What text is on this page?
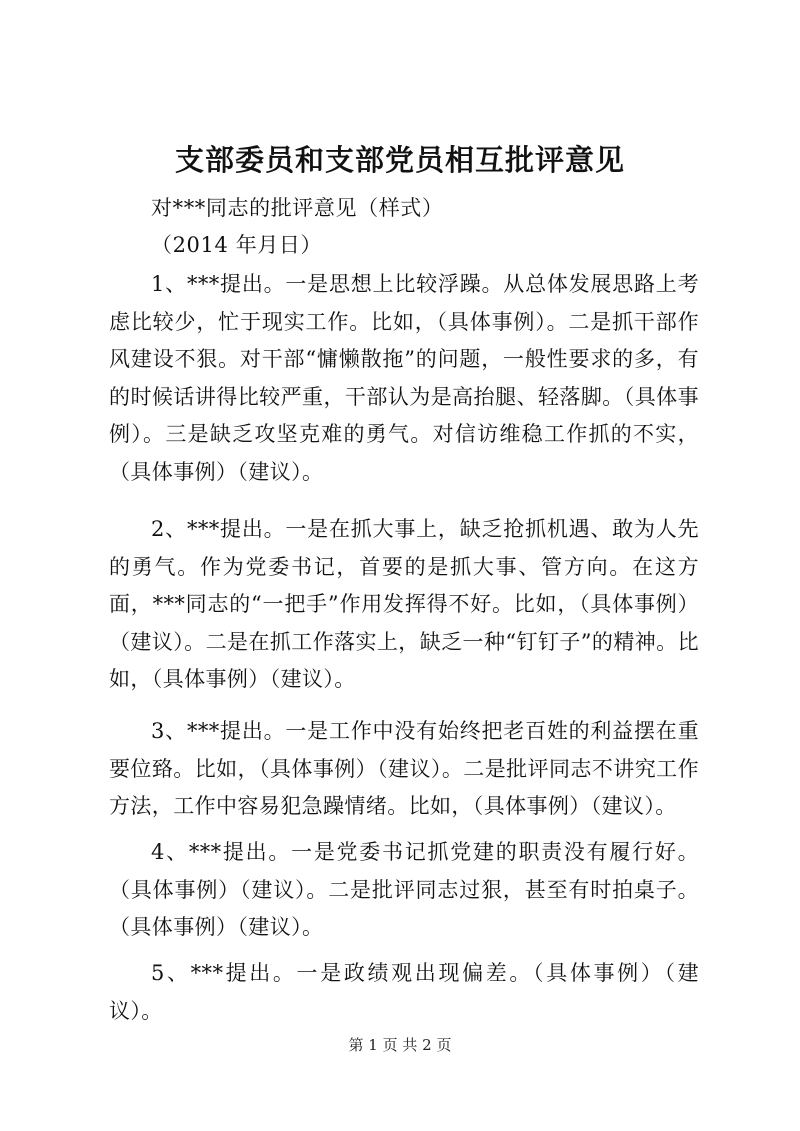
支部委员和支部党员相互批评意见
对***同志的批评意见（样式）
（2014 年月日）

1、***提出。一是思想上比较浮躁。从总体发展思路上考虑比较少，忙于现实工作。比如，（具体事例）。二是抓干部作风建设不狠。对干部“慵懒散拖”的问题，一般性要求的多，有的时候话讲得比较严重，干部认为是高抬腿、轻落脚。（具体事例）。三是缺乏攻坚克难的勇气。对信访维稳工作抓的不实，（具体事例）（建议）。

2、***提出。一是在抓大事上，缺乏抢抓机遇、敢为人先的勇气。作为党委书记，首要的是抓大事、管方向。在这方面，***同志的“一把手”作用发挥得不好。比如，（具体事例）（建议）。二是在抓工作落实上，缺乏一种“钉钉子”的精神。比如，（具体事例）（建议）。

3、***提出。一是工作中没有始终把老百姓的利益摆在重要位臵。比如，（具体事例）（建议）。二是批评同志不讲究工作方法，工作中容易犯急躁情绪。比如，（具体事例）（建议）。

4、***提出。一是党委书记抓党建的职责没有履行好。（具体事例）（建议）。二是批评同志过狠，甚至有时拍桌子。（具体事例）（建议）。

5、***提出。一是政绩观出现偏差。（具体事例）（建议）。

第 1 页 共 2 页
